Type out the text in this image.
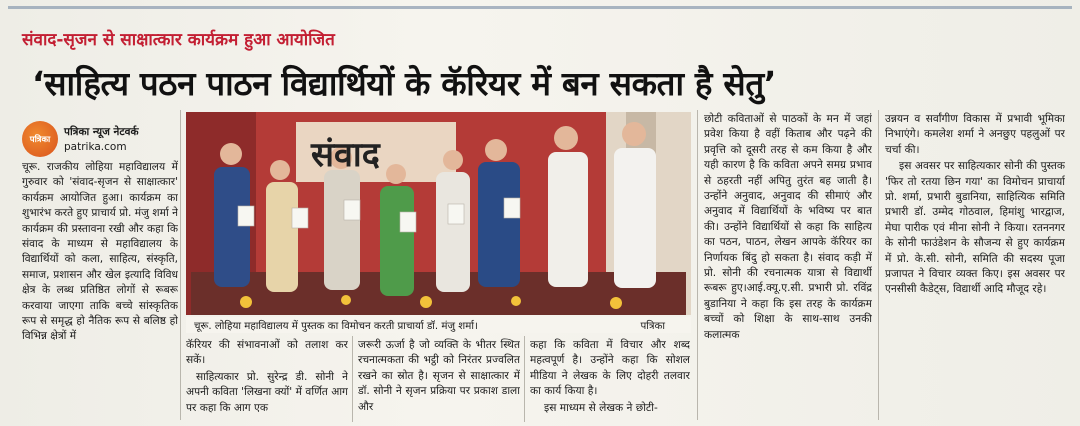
संवाद-सृजन से साक्षात्कार कार्यक्रम हुआ आयोजित
‘साहित्य पठन पाठन विद्यार्थियों के कॅरियर में बन सकता है सेतु’
पत्रिका
पत्रिका न्यूज नेटवर्क
patrika.com

चूरू. राजकीय लोहिया महाविद्यालय में गुरुवार को 'संवाद-सृजन से साक्षात्कार' कार्यक्रम आयोजित हुआ। कार्यक्रम का शुभारंभ करते हुए प्राचार्य प्रो. मंजु शर्मा ने कार्यक्रम की प्रस्तावना रखी और कहा कि संवाद के माध्यम से महाविद्यालय के विद्यार्थियों को कला, साहित्य, संस्कृति, समाज, प्रशासन और खेल इत्यादि विविध क्षेत्र के लब्ध प्रतिष्ठित लोगों से रूबरू करवाया जाएगा ताकि बच्चे सांस्कृतिक रूप से समृद्ध हो नैतिक रूप से बलिष्ठ हो विभिन्न क्षेत्रों में

संवाद
चूरू. लोहिया महाविद्यालय में पुस्तक का विमोचन करती प्राचार्या डॉ. मंजु शर्मा।	पत्रिका

कॅरियर की संभावनाओं को तलाश कर सकें।

साहित्यकार प्रो. सुरेन्द्र डी. सोनी ने अपनी कविता 'लिखना क्यों' में वर्णित आग पर कहा कि आग एक

जरूरी ऊर्जा है जो व्यक्ति के भीतर स्थित रचनात्मकता की भट्ठी को निरंतर प्रज्वलित रखने का स्रोत है। सृजन से साक्षात्कार में डॉ. सोनी ने सृजन प्रक्रिया पर प्रकाश डाला और

कहा कि कविता में विचार और शब्द महत्वपूर्ण है। उन्होंने कहा कि सोशल मीडिया ने लेखक के लिए दोहरी तलवार का कार्य किया है।

इस माध्यम से लेखक ने छोटी-

छोटी कविताओं से पाठकों के मन में जहां प्रवेश किया है वहीं किताब और पढ़ने की प्रवृत्ति को दूसरी तरह से कम किया है और यही कारण है कि कविता अपने समग्र प्रभाव से ठहरती नहीं अपितु तुरंत बह जाती है। उन्होंने अनुवाद, अनुवाद की सीमाएं और अनुवाद में विद्यार्थियों के भविष्य पर बात की। उन्होंने विद्यार्थियों से कहा कि साहित्य का पठन, पाठन, लेखन आपके कॅरियर का निर्णायक बिंदु हो सकता है। संवाद कड़ी में प्रो. सोनी की रचनात्मक यात्रा से विद्यार्थी रूबरू हुए।आई.क्यू.ए.सी. प्रभारी प्रो. रविंद्र बुडानिया ने कहा कि इस तरह के कार्यक्रम बच्चों को शिक्षा के साथ-साथ उनकी कलात्मक

उन्नयन व सर्वांगीण विकास में प्रभावी भूमिका निभाएंगे। कमलेश शर्मा ने अनछुए पहलुओं पर चर्चा की।

इस अवसर पर साहित्यकार सोनी की पुस्तक 'फिर तो रतया छिन गया' का विमोचन प्राचार्या प्रो. शर्मा, प्रभारी बुडानिया, साहित्यिक समिति प्रभारी डॉ. उम्मेद गोठवाल, हिमांशु भारद्वाज, मेघा पारीक एवं मीना सोनी ने किया। रतननगर के सोनी फाउंडेशन के सौजन्य से हुए कार्यक्रम में प्रो. के.सी. सोनी, समिति की सदस्य पूजा प्रजापत ने विचार व्यक्त किए। इस अवसर पर एनसीसी कैडेट्स, विद्यार्थी आदि मौजूद रहे।
